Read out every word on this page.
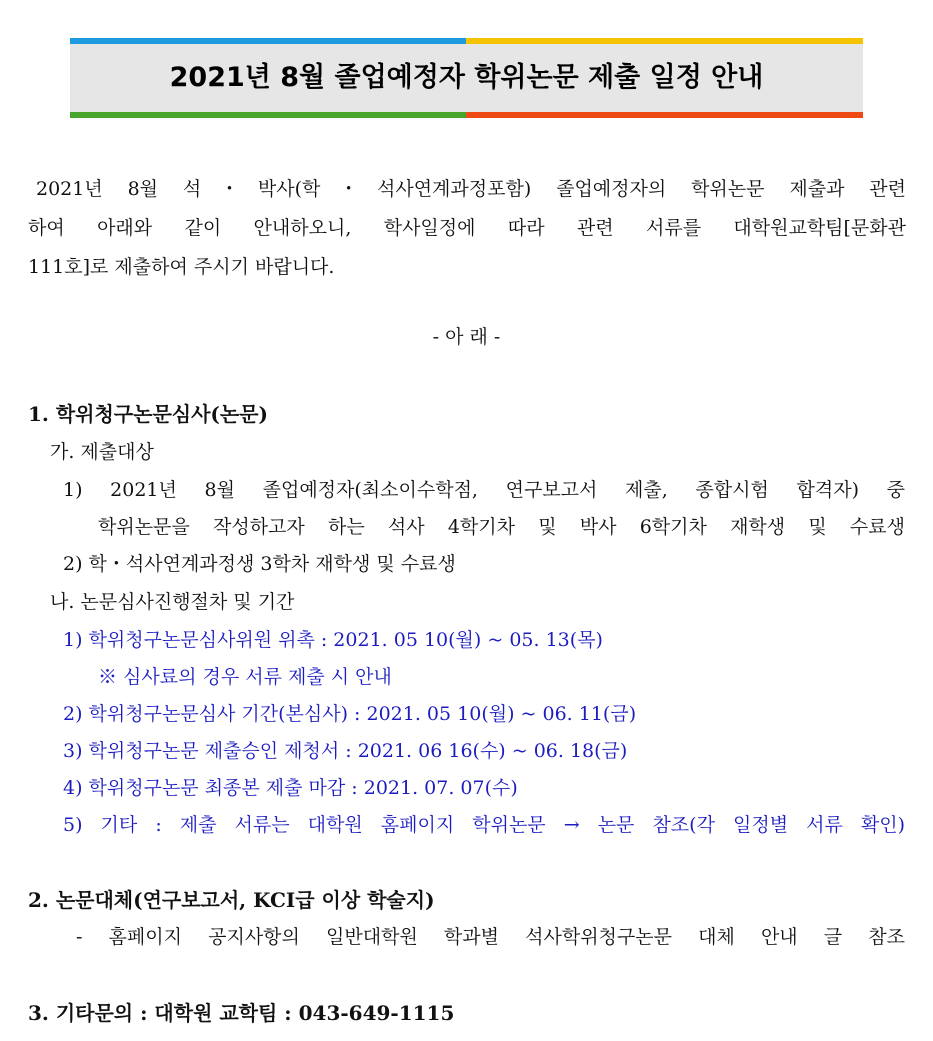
2021년 8월 졸업예정자 학위논문 제출 일정 안내
2021년 8월 석・박사(학・석사연계과정포함) 졸업예정자의 학위논문 제출과 관련
하여 아래와 같이 안내하오니, 학사일정에 따라 관련 서류를 대학원교학팀[문화관
111호]로 제출하여 주시기 바랍니다.
- 아 래 -
1. 학위청구논문심사(논문)
가. 제출대상
1) 2021년 8월 졸업예정자(최소이수학점, 연구보고서 제출, 종합시험 합격자) 중
학위논문을 작성하고자 하는 석사 4학기차 및 박사 6학기차 재학생 및 수료생
2) 학・석사연계과정생 3학차 재학생 및 수료생
나. 논문심사진행절차 및 기간
1) 학위청구논문심사위원 위촉 : 2021. 05 10(월) ~ 05. 13(목)
※ 심사료의 경우 서류 제출 시 안내
2) 학위청구논문심사 기간(본심사) : 2021. 05 10(월) ~ 06. 11(금)
3) 학위청구논문 제출승인 제청서 : 2021. 06 16(수) ~ 06. 18(금)
4) 학위청구논문 최종본 제출 마감 : 2021. 07. 07(수)
5) 기타 : 제출 서류는 대학원 홈페이지 학위논문 → 논문 참조(각 일정별 서류 확인)
2. 논문대체(연구보고서, KCI급 이상 학술지)
- 홈페이지 공지사항의 일반대학원 학과별 석사학위청구논문 대체 안내 글 참조
3. 기타문의 : 대학원 교학팀 : 043-649-1115
